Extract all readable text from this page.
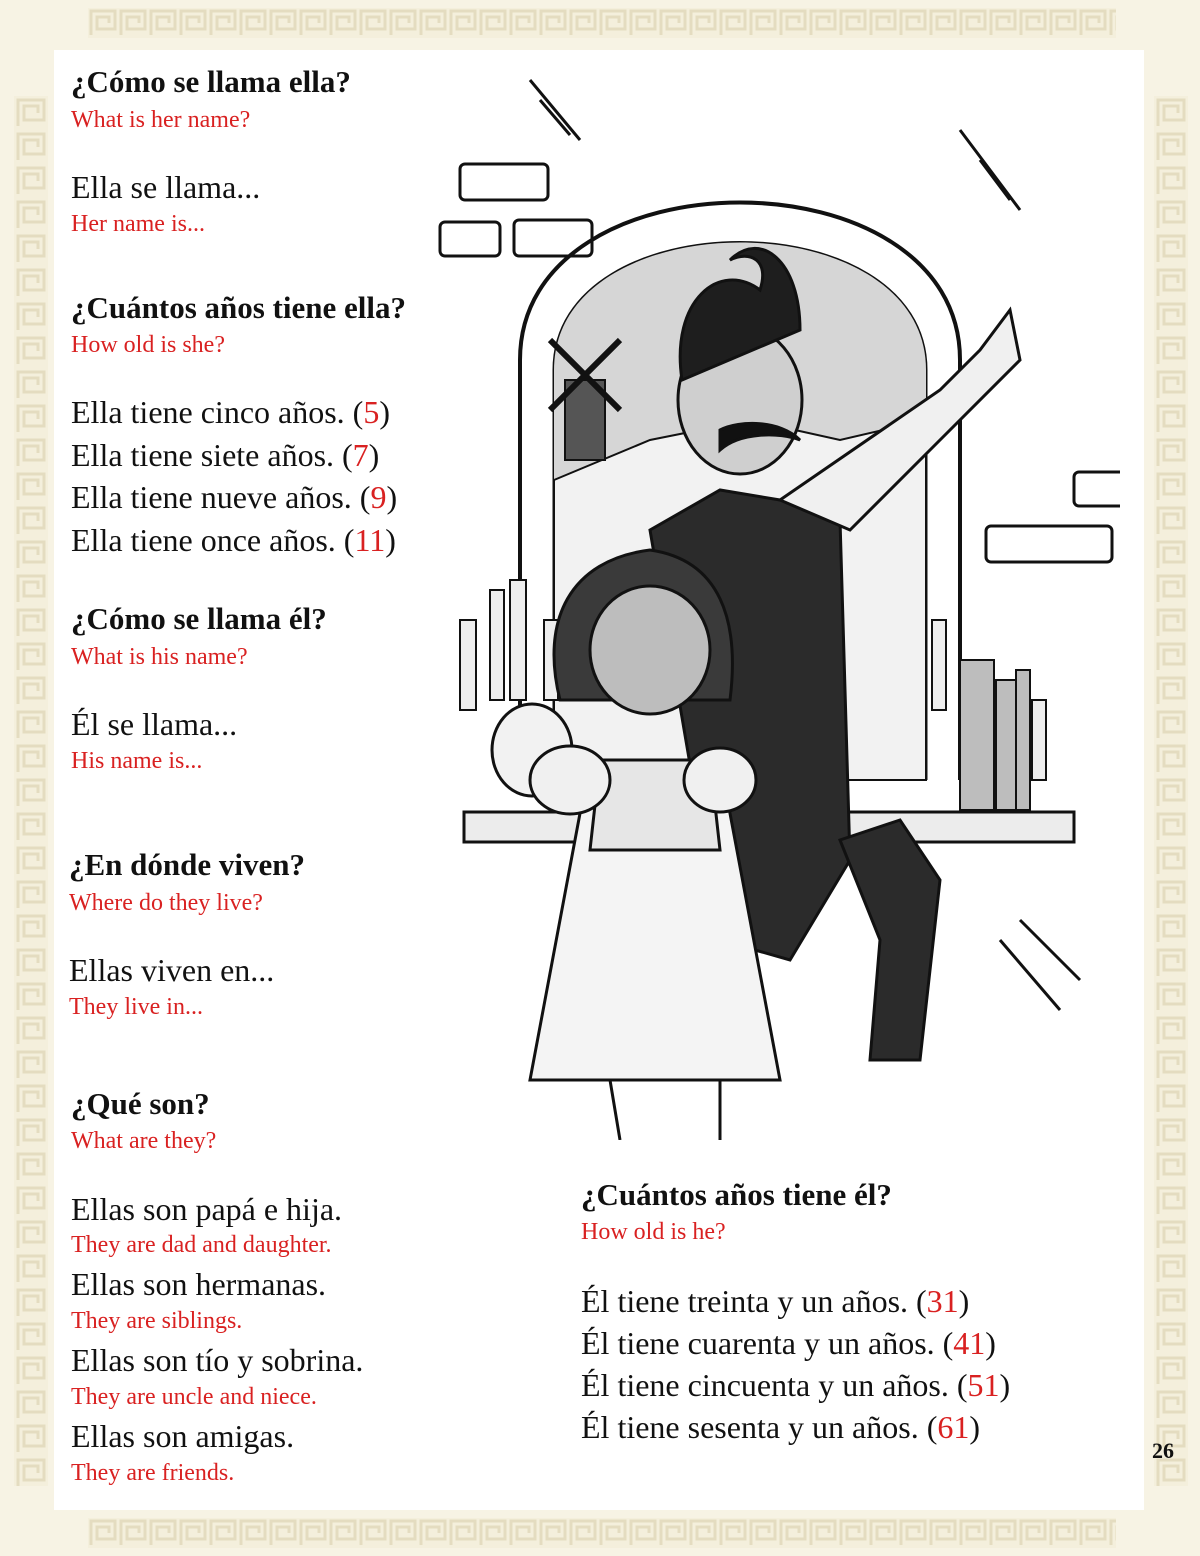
¿Cómo se llama ella?
What is her name?
Ella se llama...
Her name is...
¿Cuántos años tiene ella?
How old is she?
Ella tiene cinco años. (5)
Ella tiene siete años. (7)
Ella tiene nueve años. (9)
Ella tiene once años. (11)
¿Cómo se llama él?
What is his name?
Él se llama...
His name is...
¿En dónde viven?
Where do they live?
Ellas viven en...
They live in...
¿Qué son?
What are they?
Ellas son papá e hija.
They are dad and daughter.
Ellas son hermanas.
They are siblings.
Ellas son tío y sobrina.
They are uncle and niece.
Ellas son amigas.
They are friends.
¿Cuántos años tiene él?
How old is he?
Él tiene treinta y un años. (31)
Él tiene cuarenta y un años. (41)
Él tiene cincuenta y un años. (51)
Él tiene sesenta y un años. (61)
26
